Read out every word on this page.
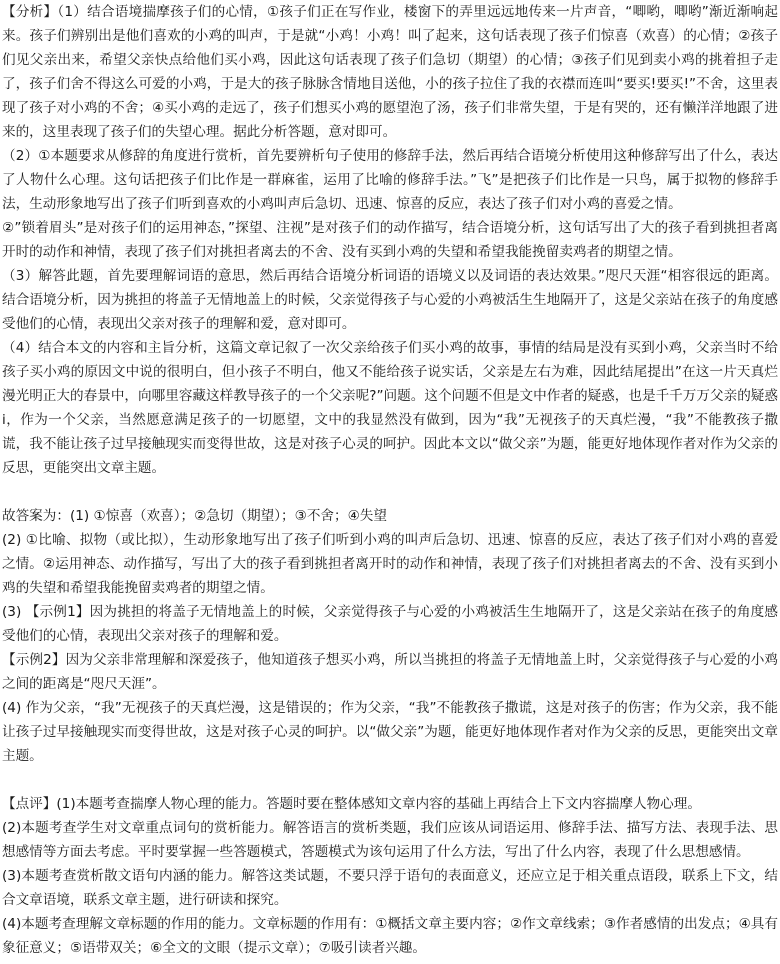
【分析】（1）结合语境揣摩孩子们的心情，①孩子们正在写作业，楼窗下的弄里远远地传来一片声音，“唧哟，唧哟”渐近渐响起来。孩子们辨别出是他们喜欢的小鸡的叫声，于是就“小鸡！小鸡！叫了起来，这句话表现了孩子们惊喜（欢喜）的心情；②孩子们见父亲出来，希望父亲快点给他们买小鸡，因此这句话表现了孩子们急切（期望）的心情；③孩子们见到卖小鸡的挑着担子走了，孩子们舍不得这么可爱的小鸡，于是大的孩子脉脉含情地目送他，小的孩子拉住了我的衣襟而连叫“要买!要买!”不舍，这里表现了孩子对小鸡的不舍；④买小鸡的走远了，孩子们想买小鸡的愿望泡了汤，孩子们非常失望，于是有哭的，还有懒洋洋地跟了进来的，这里表现了孩子们的失望心理。据此分析答题，意对即可。

（2）①本题要求从修辞的角度进行赏析，首先要辨析句子使用的修辞手法，然后再结合语境分析使用这种修辞写出了什么，表达了人物什么心理。这句话把孩子们比作是一群麻雀，运用了比喻的修辞手法。”飞”是把孩子们比作是一只鸟，属于拟物的修辞手法，生动形象地写出了孩子们听到喜欢的小鸡叫声后急切、迅速、惊喜的反应，表达了孩子们对小鸡的喜爱之情。

②”锁着眉头”是对孩子们的运用神态，”探望、注视”是对孩子们的动作描写，结合语境分析，这句话写出了大的孩子看到挑担者离开时的动作和神情，表现了孩子们对挑担者离去的不舍、没有买到小鸡的失望和希望我能挽留卖鸡者的期望之情。

（3）解答此题，首先要理解词语的意思，然后再结合语境分析词语的语境义以及词语的表达效果。”咫尺天涯“相容很远的距离。结合语境分析，因为挑担的将盖子无情地盖上的时候，父亲觉得孩子与心爱的小鸡被活生生地隔开了，这是父亲站在孩子的角度感受他们的心情，表现出父亲对孩子的理解和爱，意对即可。

（4）结合本文的内容和主旨分析，这篇文章记叙了一次父亲给孩子们买小鸡的故事，事情的结局是没有买到小鸡，父亲当时不给孩子买小鸡的原因文中说的很明白，但小孩子不明白，他又不能给孩子说实话，父亲是左右为难，因此结尾提出”在这一片天真烂漫光明正大的春景中，向哪里容藏这样教导孩子的一个父亲呢?”问题。这个问题不但是文中作者的疑惑，也是千千万万父亲的疑惑i，作为一个父亲，当然愿意满足孩子的一切愿望，文中的我显然没有做到，因为“我”无视孩子的天真烂漫，“我”不能教孩子撒谎，我不能让孩子过早接触现实而变得世故，这是对孩子心灵的呵护。因此本文以“做父亲”为题，能更好地体现作者对作为父亲的反思，更能突出文章主题。

故答案为：(1) ①惊喜（欢喜）；②急切（期望）；③不舍；④失望

(2) ①比喻、拟物（或比拟），生动形象地写出了孩子们听到小鸡的叫声后急切、迅速、惊喜的反应，表达了孩子们对小鸡的喜爱之情。②运用神态、动作描写，写出了大的孩子看到挑担者离开时的动作和神情，表现了孩子们对挑担者离去的不舍、没有买到小鸡的失望和希望我能挽留卖鸡者的期望之情。

(3) 【示例1】因为挑担的将盖子无情地盖上的时候，父亲觉得孩子与心爱的小鸡被活生生地隔开了，这是父亲站在孩子的角度感受他们的心情，表现出父亲对孩子的理解和爱。

【示例2】因为父亲非常理解和深爱孩子，他知道孩子想买小鸡，所以当挑担的将盖子无情地盖上时，父亲觉得孩子与心爱的小鸡之间的距离是“咫尺天涯”。

(4) 作为父亲，“我”无视孩子的天真烂漫，这是错误的；作为父亲，“我”不能教孩子撒谎，这是对孩子的伤害；作为父亲，我不能让孩子过早接触现实而变得世故，这是对孩子心灵的呵护。以“做父亲”为题，能更好地体现作者对作为父亲的反思，更能突出文章主题。

【点评】(1)本题考查揣摩人物心理的能力。答题时要在整体感知文章内容的基础上再结合上下文内容揣摩人物心理。

(2)本题考查学生对文章重点词句的赏析能力。解答语言的赏析类题，我们应该从词语运用、修辞手法、描写方法、表现手法、思想感情等方面去考虑。平时要掌握一些答题模式，答题模式为该句运用了什么方法，写出了什么内容，表现了什么思想感情。

(3)本题考查赏析散文语句内涵的能力。解答这类试题，不要只浮于语句的表面意义，还应立足于相关重点语段，联系上下文，结合文章语境，联系文章主题，进行研读和探究。

(4)本题考查理解文章标题的作用的能力。文章标题的作用有：①概括文章主要内容；②作文章线索；③作者感情的出发点；④具有象征意义；⑤语带双关；⑥全文的文眼（提示文章）；⑦吸引读者兴趣。
